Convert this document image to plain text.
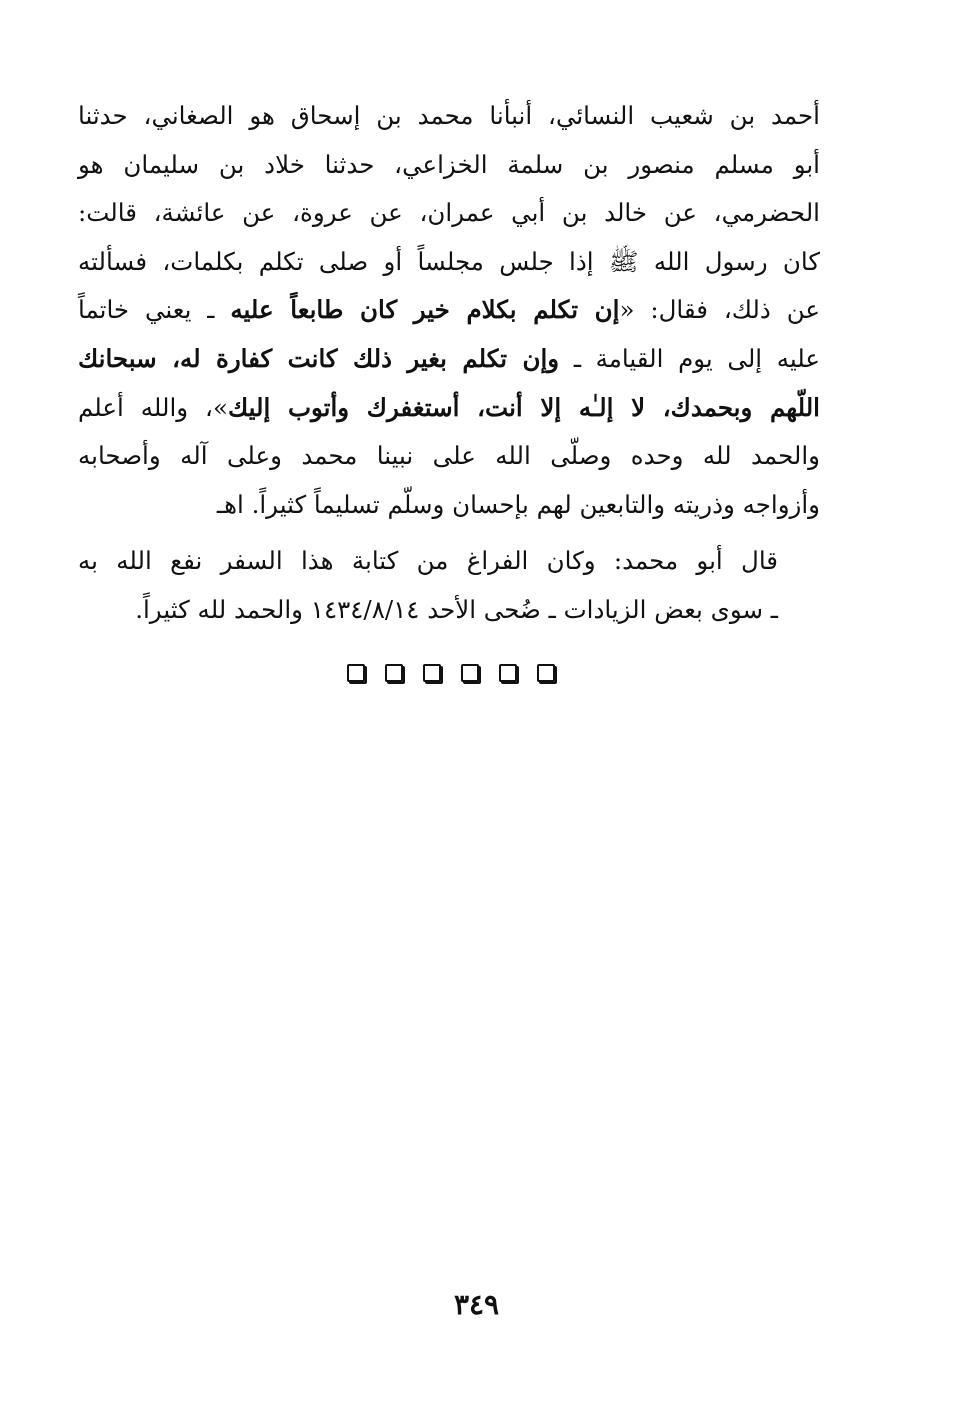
أحمد بن شعيب النسائي، أنبأنا محمد بن إسحاق هو الصغاني، حدثنا
أبو مسلم منصور بن سلمة الخزاعي، حدثنا خلاد بن سليمان هو
الحضرمي، عن خالد بن أبي عمران، عن عروة، عن عائشة، قالت:
كان رسول الله ﷺ إذا جلس مجلساً أو صلى تكلم بكلمات، فسألته
عن ذلك، فقال: «إن تكلم بكلام خير كان طابعاً عليه ـ يعني خاتماً
عليه إلى يوم القيامة ـ وإن تكلم بغير ذلك كانت كفارة له، سبحانك
اللّهم وبحمدك، لا إلـٰه إلا أنت، أستغفرك وأتوب إليك»، والله أعلم
والحمد لله وحده وصلّى الله على نبينا محمد وعلى آله وأصحابه
وأزواجه وذريته والتابعين لهم بإحسان وسلّم تسليماً كثيراً. اهـ

قال أبو محمد: وكان الفراغ من كتابة هذا السفر نفع الله به
ـ سوى بعض الزيادات ـ ضُحى الأحد ١٤٣٤/٨/١٤ والحمد لله كثيراً.

٣٤٩
